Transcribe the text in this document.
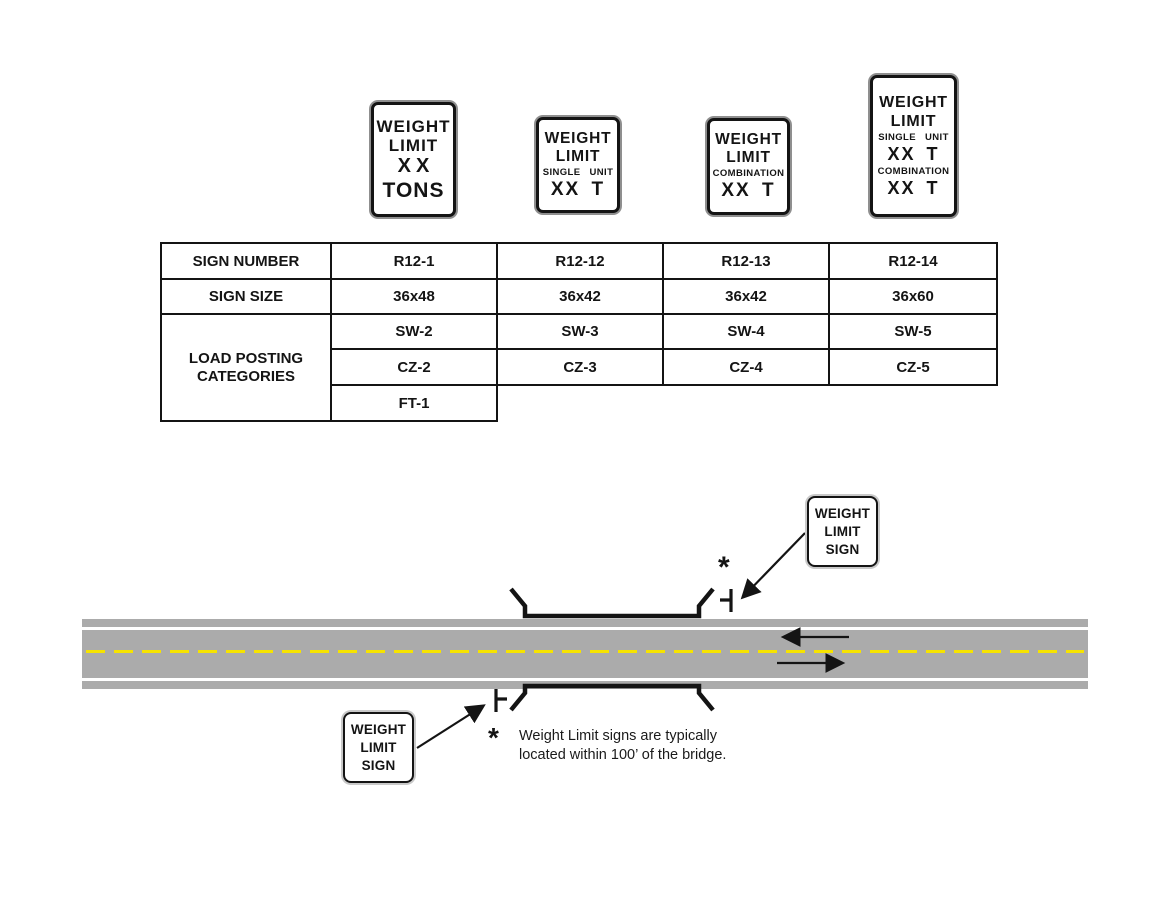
WEIGHT
LIMIT
XX
TONS
WEIGHT
LIMIT
SINGLE UNIT
XX T
WEIGHT
LIMIT
COMBINATION
XX T
WEIGHT
LIMIT
SINGLE UNIT
XX T
COMBINATION
XX T
SIGN NUMBER	R12-1	R12-12	R12-13	R12-14
SIGN SIZE	36x48	36x42	36x42	36x60
LOAD POSTING CATEGORIES
SW-2	SW-3	SW-4	SW-5
CZ-2	CZ-3	CZ-4	CZ-5
FT-1
WEIGHT
LIMIT
SIGN
WEIGHT
LIMIT
SIGN
*
* Weight Limit signs are typically
located within 100’ of the bridge.
